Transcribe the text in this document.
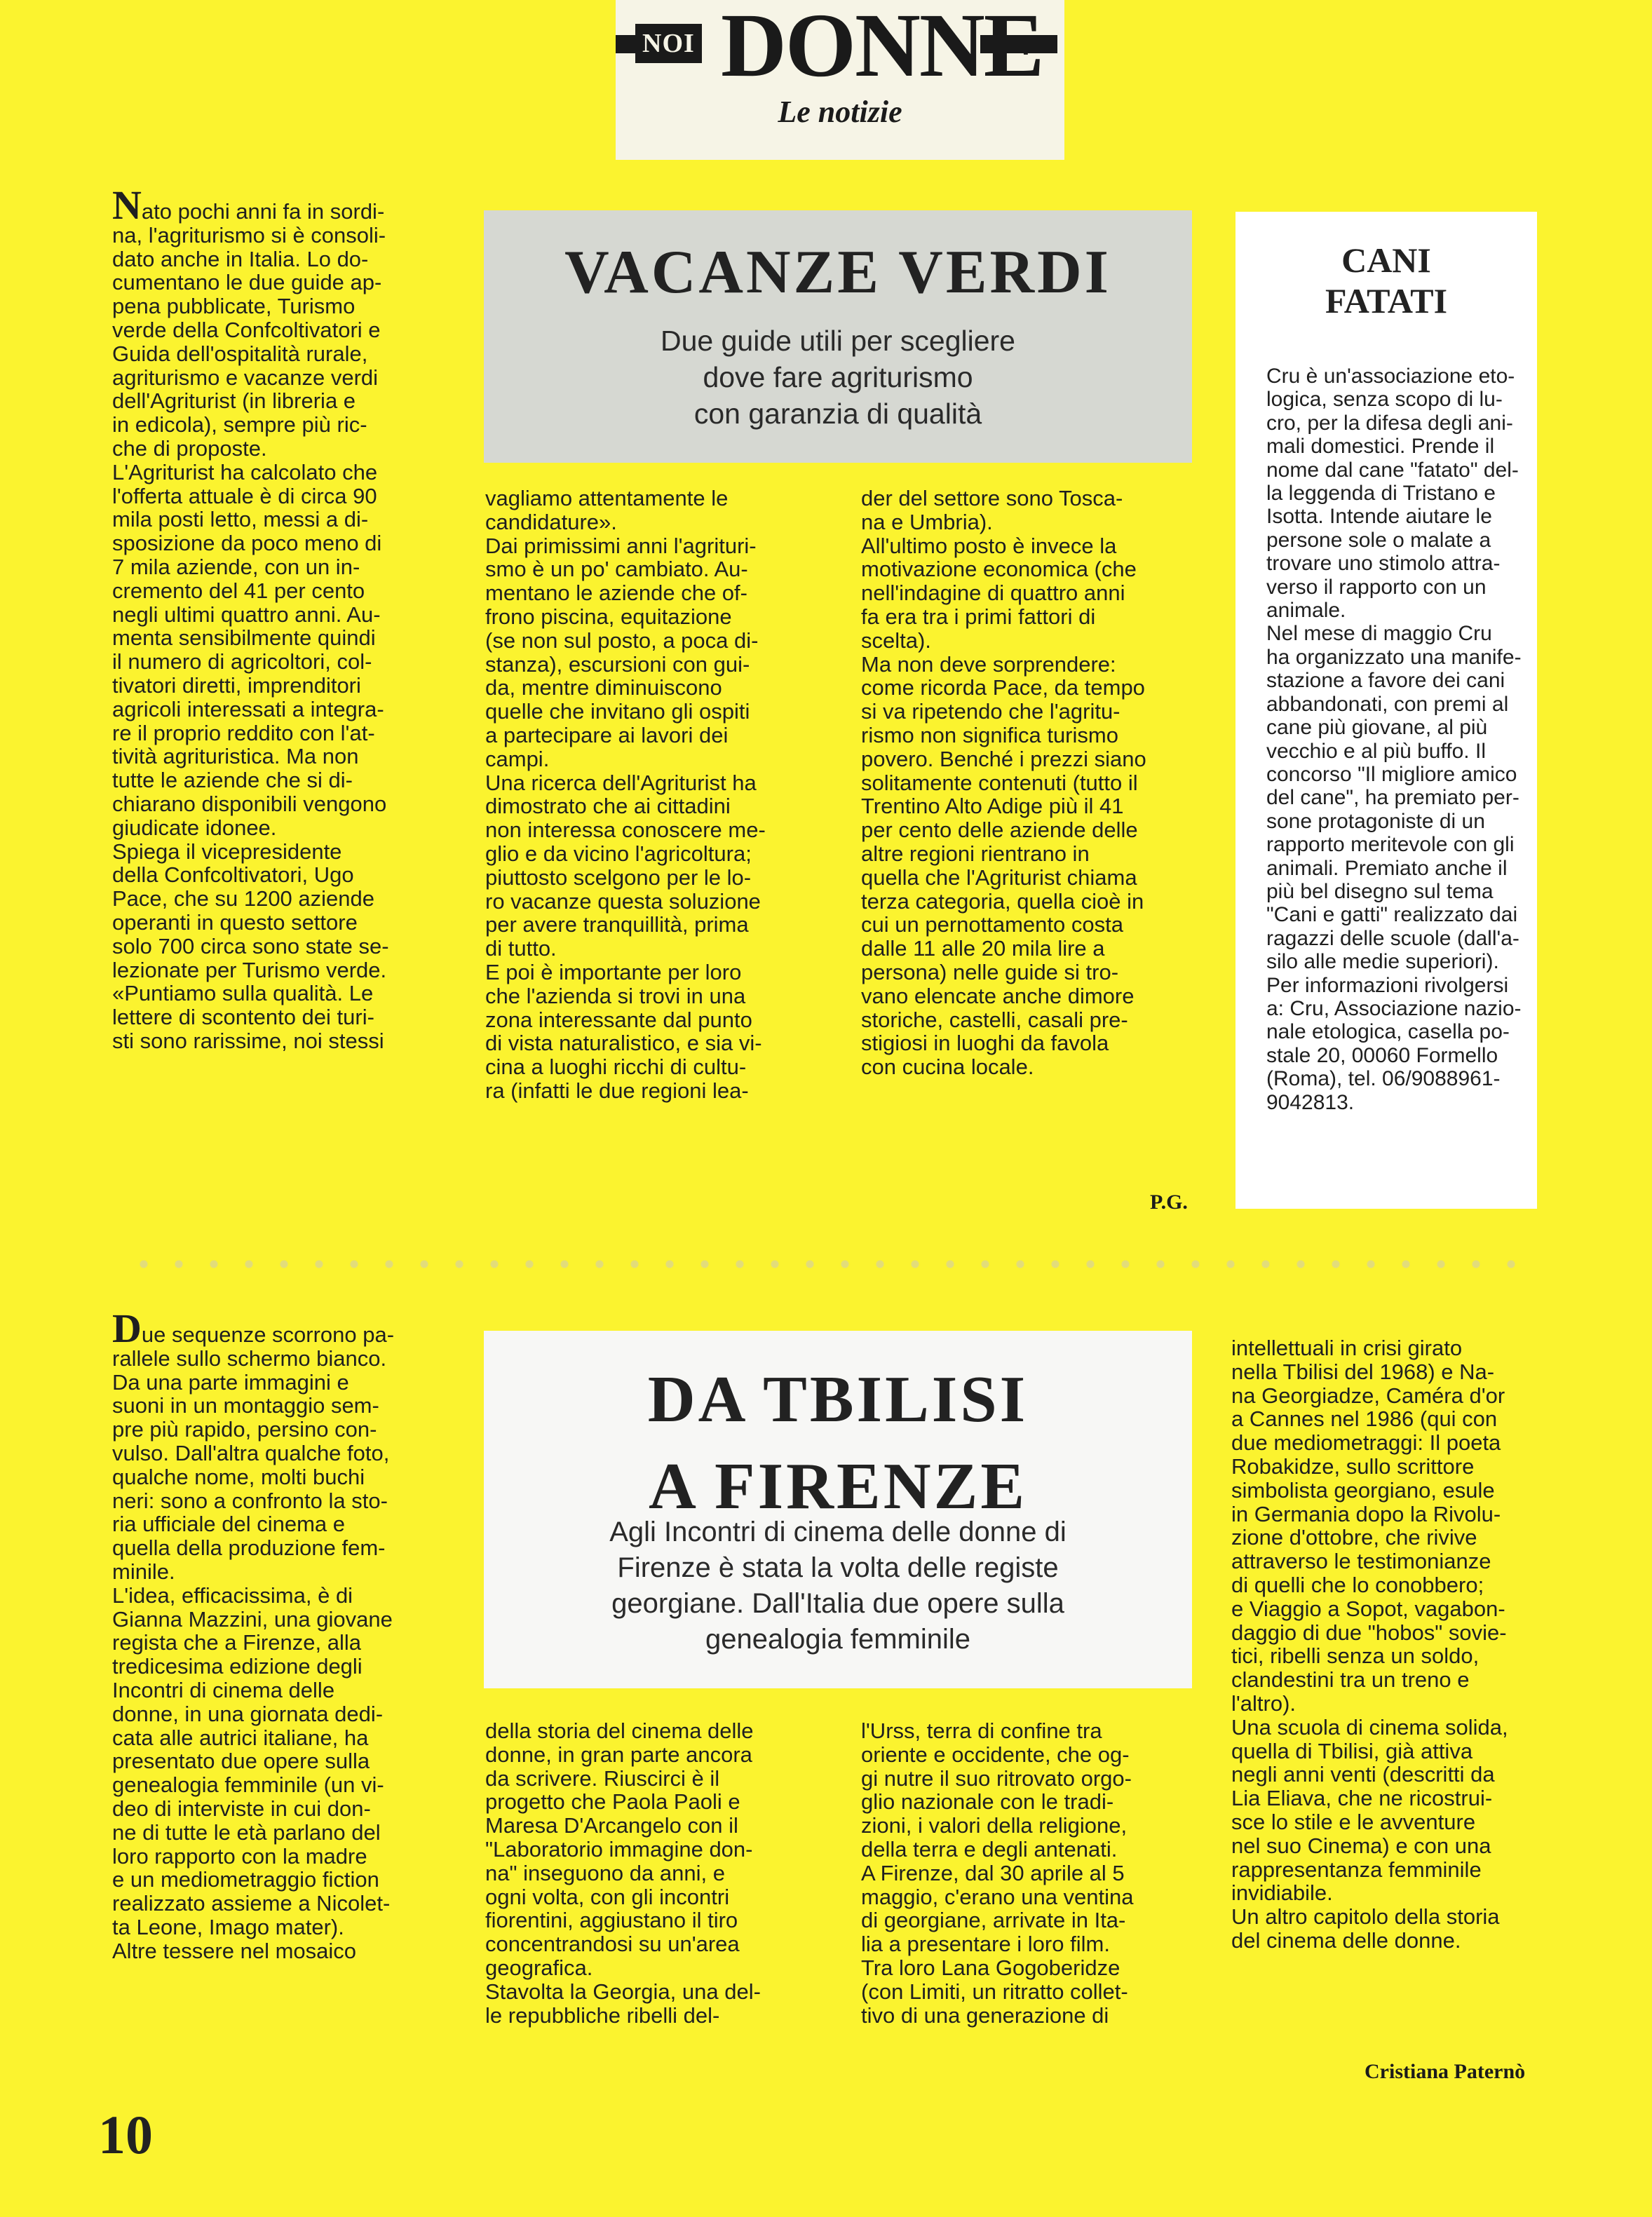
NOI DONNE
Le notizie
VACANZE VERDI
Due guide utili per scegliere
dove fare agriturismo
con garanzia di qualità
Nato pochi anni fa in sordi-
na, l'agriturismo si è consoli-
dato anche in Italia. Lo do-
cumentano le due guide ap-
pena pubblicate, Turismo
verde della Confcoltivatori e
Guida dell'ospitalità rurale,
agriturismo e vacanze verdi
dell'Agriturist (in libreria e
in edicola), sempre più ric-
che di proposte.
L'Agriturist ha calcolato che
l'offerta attuale è di circa 90
mila posti letto, messi a di-
sposizione da poco meno di
7 mila aziende, con un in-
cremento del 41 per cento
negli ultimi quattro anni. Au-
menta sensibilmente quindi
il numero di agricoltori, col-
tivatori diretti, imprenditori
agricoli interessati a integra-
re il proprio reddito con l'at-
tività agrituristica. Ma non
tutte le aziende che si di-
chiarano disponibili vengono
giudicate idonee.
Spiega il vicepresidente
della Confcoltivatori, Ugo
Pace, che su 1200 aziende
operanti in questo settore
solo 700 circa sono state se-
lezionate per Turismo verde.
«Puntiamo sulla qualità. Le
lettere di scontento dei turi-
sti sono rarissime, noi stessi
vagliamo attentamente le
candidature».
Dai primissimi anni l'agrituri-
smo è un po' cambiato. Au-
mentano le aziende che of-
frono piscina, equitazione
(se non sul posto, a poca di-
stanza), escursioni con gui-
da, mentre diminuiscono
quelle che invitano gli ospiti
a partecipare ai lavori dei
campi.
Una ricerca dell'Agriturist ha
dimostrato che ai cittadini
non interessa conoscere me-
glio e da vicino l'agricoltura;
piuttosto scelgono per le lo-
ro vacanze questa soluzione
per avere tranquillità, prima
di tutto.
E poi è importante per loro
che l'azienda si trovi in una
zona interessante dal punto
di vista naturalistico, e sia vi-
cina a luoghi ricchi di cultu-
ra (infatti le due regioni lea-
der del settore sono Tosca-
na e Umbria).
All'ultimo posto è invece la
motivazione economica (che
nell'indagine di quattro anni
fa era tra i primi fattori di
scelta).
Ma non deve sorprendere:
come ricorda Pace, da tempo
si va ripetendo che l'agritu-
rismo non significa turismo
povero. Benché i prezzi siano
solitamente contenuti (tutto il
Trentino Alto Adige più il 41
per cento delle aziende delle
altre regioni rientrano in
quella che l'Agriturist chiama
terza categoria, quella cioè in
cui un pernottamento costa
dalle 11 alle 20 mila lire a
persona) nelle guide si tro-
vano elencate anche dimore
storiche, castelli, casali pre-
stigiosi in luoghi da favola
con cucina locale.
P.G.
CANI
FATATI
Cru è un'associazione eto-
logica, senza scopo di lu-
cro, per la difesa degli ani-
mali domestici. Prende il
nome dal cane "fatato" del-
la leggenda di Tristano e
Isotta. Intende aiutare le
persone sole o malate a
trovare uno stimolo attra-
verso il rapporto con un
animale.
Nel mese di maggio Cru
ha organizzato una manife-
stazione a favore dei cani
abbandonati, con premi al
cane più giovane, al più
vecchio e al più buffo. Il
concorso "Il migliore amico
del cane", ha premiato per-
sone protagoniste di un
rapporto meritevole con gli
animali. Premiato anche il
più bel disegno sul tema
"Cani e gatti" realizzato dai
ragazzi delle scuole (dall'a-
silo alle medie superiori).
Per informazioni rivolgersi
a: Cru, Associazione nazio-
nale etologica, casella po-
stale 20, 00060 Formello
(Roma), tel. 06/9088961-
9042813.
DA TBILISI
A FIRENZE
Agli Incontri di cinema delle donne di
Firenze è stata la volta delle registe
georgiane. Dall'Italia due opere sulla
genealogia femminile
Due sequenze scorrono pa-
rallele sullo schermo bianco.
Da una parte immagini e
suoni in un montaggio sem-
pre più rapido, persino con-
vulso. Dall'altra qualche foto,
qualche nome, molti buchi
neri: sono a confronto la sto-
ria ufficiale del cinema e
quella della produzione fem-
minile.
L'idea, efficacissima, è di
Gianna Mazzini, una giovane
regista che a Firenze, alla
tredicesima edizione degli
Incontri di cinema delle
donne, in una giornata dedi-
cata alle autrici italiane, ha
presentato due opere sulla
genealogia femminile (un vi-
deo di interviste in cui don-
ne di tutte le età parlano del
loro rapporto con la madre
e un mediometraggio fiction
realizzato assieme a Nicolet-
ta Leone, Imago mater).
Altre tessere nel mosaico
della storia del cinema delle
donne, in gran parte ancora
da scrivere. Riuscirci è il
progetto che Paola Paoli e
Maresa D'Arcangelo con il
"Laboratorio immagine don-
na" inseguono da anni, e
ogni volta, con gli incontri
fiorentini, aggiustano il tiro
concentrandosi su un'area
geografica.
Stavolta la Georgia, una del-
le repubbliche ribelli del-
l'Urss, terra di confine tra
oriente e occidente, che og-
gi nutre il suo ritrovato orgo-
glio nazionale con le tradi-
zioni, i valori della religione,
della terra e degli antenati.
A Firenze, dal 30 aprile al 5
maggio, c'erano una ventina
di georgiane, arrivate in Ita-
lia a presentare i loro film.
Tra loro Lana Gogoberidze
(con Limiti, un ritratto collet-
tivo di una generazione di
intellettuali in crisi girato
nella Tbilisi del 1968) e Na-
na Georgiadze, Caméra d'or
a Cannes nel 1986 (qui con
due mediometraggi: Il poeta
Robakidze, sullo scrittore
simbolista georgiano, esule
in Germania dopo la Rivolu-
zione d'ottobre, che rivive
attraverso le testimonianze
di quelli che lo conobbero;
e Viaggio a Sopot, vagabon-
daggio di due "hobos" sovie-
tici, ribelli senza un soldo,
clandestini tra un treno e
l'altro).
Una scuola di cinema solida,
quella di Tbilisi, già attiva
negli anni venti (descritti da
Lia Eliava, che ne ricostrui-
sce lo stile e le avventure
nel suo Cinema) e con una
rappresentanza femminile
invidiabile.
Un altro capitolo della storia
del cinema delle donne.
Cristiana Paternò
10
